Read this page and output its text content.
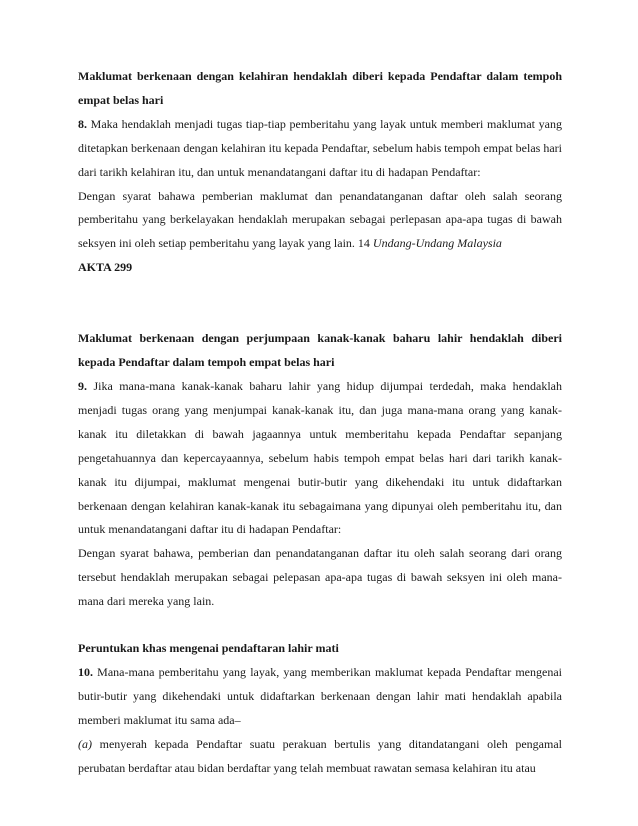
Maklumat berkenaan dengan kelahiran hendaklah diberi kepada Pendaftar dalam tempoh empat belas hari

8. Maka hendaklah menjadi tugas tiap-tiap pemberitahu yang layak untuk memberi maklumat yang ditetapkan berkenaan dengan kelahiran itu kepada Pendaftar, sebelum habis tempoh empat belas hari dari tarikh kelahiran itu, dan untuk menandatangani daftar itu di hadapan Pendaftar:

Dengan syarat bahawa pemberian maklumat dan penandatanganan daftar oleh salah seorang pemberitahu yang berkelayakan hendaklah merupakan sebagai perlepasan apa-apa tugas di bawah seksyen ini oleh setiap pemberitahu yang layak yang lain. 14 Undang-Undang Malaysia

AKTA 299

Maklumat berkenaan dengan perjumpaan kanak-kanak baharu lahir hendaklah diberi kepada Pendaftar dalam tempoh empat belas hari

9. Jika mana-mana kanak-kanak baharu lahir yang hidup dijumpai terdedah, maka hendaklah menjadi tugas orang yang menjumpai kanak-kanak itu, dan juga mana-mana orang yang kanak-kanak itu diletakkan di bawah jagaannya untuk memberitahu kepada Pendaftar sepanjang pengetahuannya dan kepercayaannya, sebelum habis tempoh empat belas hari dari tarikh kanak-kanak itu dijumpai, maklumat mengenai butir-butir yang dikehendaki itu untuk didaftarkan berkenaan dengan kelahiran kanak-kanak itu sebagaimana yang dipunyai oleh pemberitahu itu, dan untuk menandatangani daftar itu di hadapan Pendaftar:

Dengan syarat bahawa, pemberian dan penandatanganan daftar itu oleh salah seorang dari orang tersebut hendaklah merupakan sebagai pelepasan apa-apa tugas di bawah seksyen ini oleh mana-mana dari mereka yang lain.

Peruntukan khas mengenai pendaftaran lahir mati

10. Mana-mana pemberitahu yang layak, yang memberikan maklumat kepada Pendaftar mengenai butir-butir yang dikehendaki untuk didaftarkan berkenaan dengan lahir mati hendaklah apabila memberi maklumat itu sama ada–

(a) menyerah kepada Pendaftar suatu perakuan bertulis yang ditandatangani oleh pengamal perubatan berdaftar atau bidan berdaftar yang telah membuat rawatan semasa kelahiran itu atau
